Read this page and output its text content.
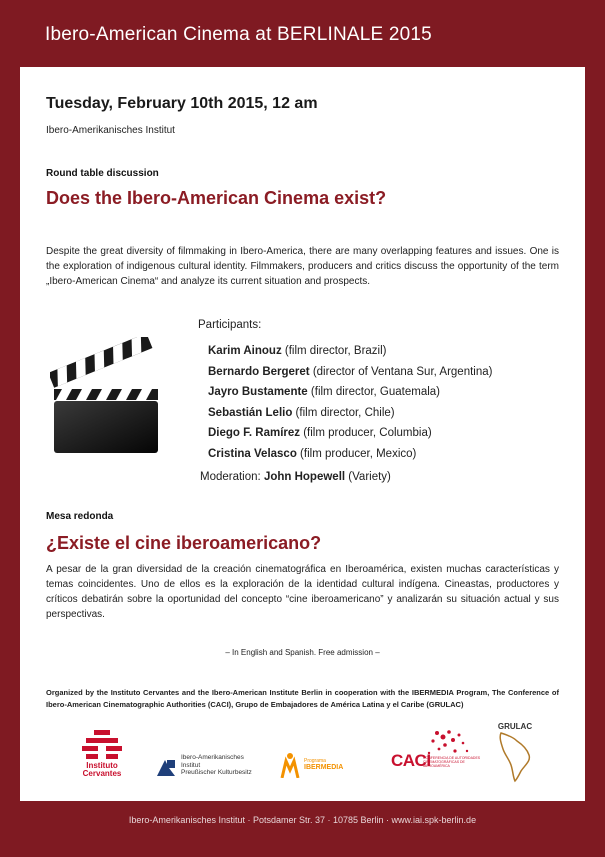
Ibero-American Cinema at BERLINALE 2015
Tuesday, February 10th 2015, 12 am
Ibero-Amerikanisches Institut
Round table discussion
Does the Ibero-American Cinema exist?
Despite the great diversity of filmmaking in Ibero-America, there are many overlapping features and issues. One is the exploration of indigenous cultural identity. Filmmakers, producers and critics discuss the opportunity of the term „Ibero-American Cinema“ and analyze its current situation and prospects.
Participants:
Karim Ainouz (film director, Brazil)
Bernardo Bergeret (director of Ventana Sur, Argentina)
Jayro Bustamente (film director, Guatemala)
Sebastián Lelio (film director, Chile)
Diego F. Ramírez (film producer, Columbia)
Cristina Velasco (film producer, Mexico)
Moderation: John Hopewell (Variety)
Mesa redonda
¿Existe el cine iberoamericano?
A pesar de la gran diversidad de la creación cinematográfica en Iberoamérica, existen muchas características y temas coincidentes. Uno de ellos es la exploración de la identidad cultural indígena. Cineastas, productores y críticos debatirán sobre la oportunidad del concepto “cine iberoamericano” y analizarán su situación actual y sus perspectivas.
– In English and Spanish. Free admission –
Organized by the Instituto Cervantes and the Ibero-American Institute Berlin in cooperation with the IBERMEDIA Program, The Conference of Ibero-American Cinematographic Authorities (CACI), Grupo de Embajadores de América Latina y el Caribe (GRULAC)
Instituto
Cervantes
Ibero-Amerikanisches
Institut
Preußischer Kulturbesitz
Programa
IBERMEDIA	CACI
CONFERENCIA DE AUTORIDADES CINEMATOGRÁFICAS DE IBEROAMÉRICA
GRULAC
Ibero-Amerikanisches Institut · Potsdamer Str. 37 · 10785 Berlin · www.iai.spk-berlin.de
